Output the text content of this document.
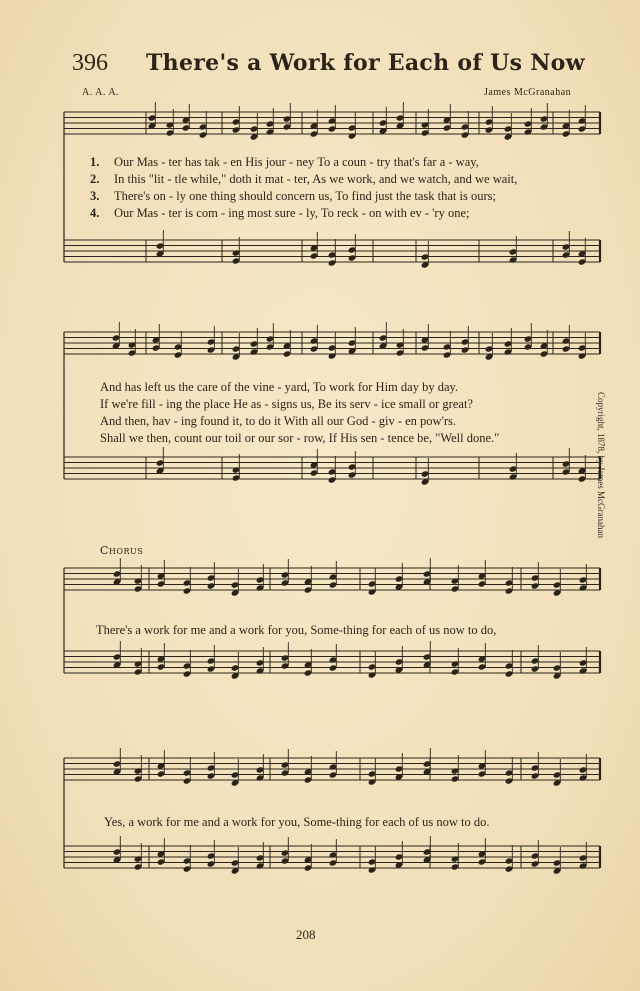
396 There's a Work for Each of Us Now
A. A. A.	James McGranahan
1.
2.
3.
4.
Our Mas - ter has tak - en His jour - ney To a coun - try that's far a - way,
In this "lit - tle while," doth it mat - ter, As we work, and we watch, and we wait,
There's on - ly one thing should concern us, To find just the task that is ours;
Our Mas - ter is com - ing most sure - ly, To reck - on with ev - 'ry one;
And has left us the care of the vine - yard, To work for Him day by day.
If we're fill - ing the place He as - signs us, Be its serv - ice small or great?
And then, hav - ing found it, to do it With all our God - giv - en pow'rs.
Shall we then, count our toil or our sor - row, If His sen - tence be, "Well done."
Chorus
There's a work for me and a work for you, Some-thing for each of us now to do,
Yes, a work for me and a work for you, Some-thing for each of us now to do.
Copyright, 1878, by James McGranahan
208
